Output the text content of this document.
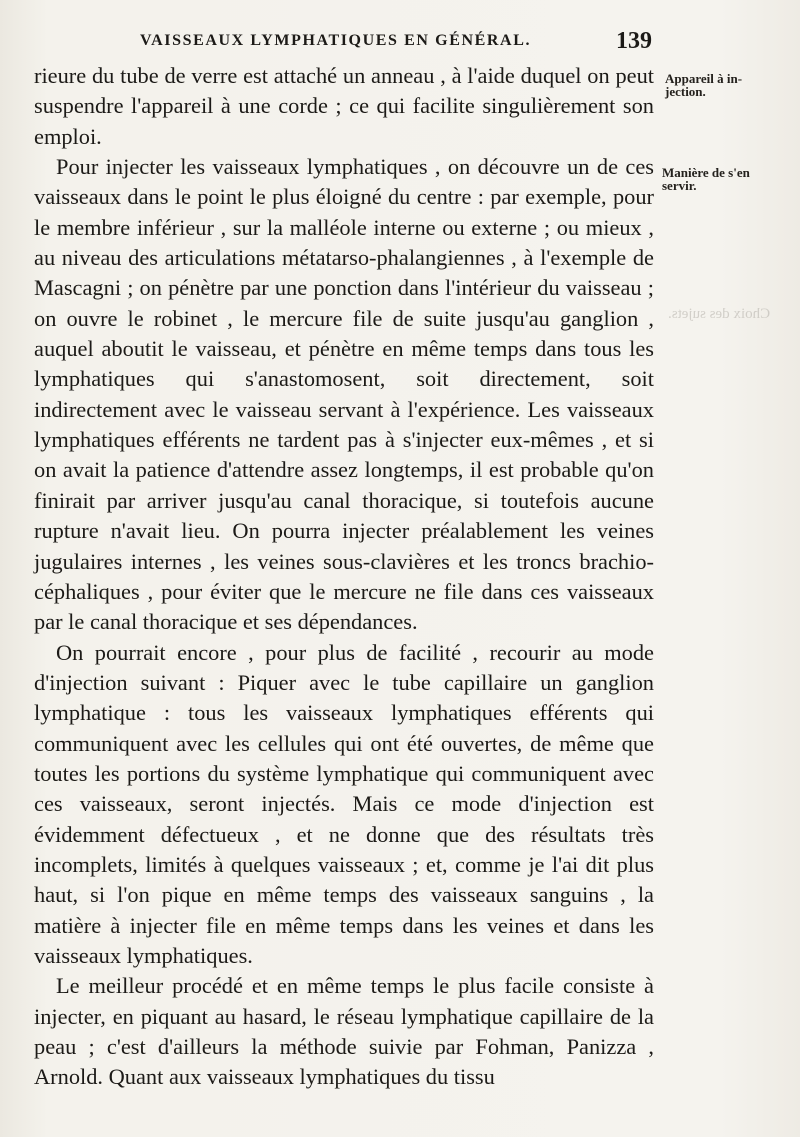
VAISSEAUX LYMPHATIQUES EN GÉNÉRAL.	139

rieure du tube de verre est attaché un anneau , à l'aide duquel on peut suspendre l'appareil à une corde ; ce qui facilite singulièrement son emploi.

Pour injecter les vaisseaux lymphatiques , on découvre un de ces vaisseaux dans le point le plus éloigné du centre : par exemple, pour le membre inférieur , sur la malléole interne ou externe ; ou mieux , au niveau des articulations métatarso-phalangiennes , à l'exemple de Mascagni ; on pénètre par une ponction dans l'intérieur du vaisseau ; on ouvre le robinet , le mercure file de suite jusqu'au ganglion , auquel aboutit le vaisseau, et pénètre en même temps dans tous les lymphatiques qui s'anastomosent, soit directement, soit indirectement avec le vaisseau servant à l'expérience. Les vaisseaux lymphatiques efférents ne tardent pas à s'injecter eux-mêmes , et si on avait la patience d'attendre assez longtemps, il est probable qu'on finirait par arriver jusqu'au canal thoracique, si toutefois aucune rupture n'avait lieu. On pourra injecter préalablement les veines jugulaires internes , les veines sous-clavières et les troncs brachio-céphaliques , pour éviter que le mercure ne file dans ces vaisseaux par le canal thoracique et ses dépendances.

On pourrait encore , pour plus de facilité , recourir au mode d'injection suivant : Piquer avec le tube capillaire un ganglion lymphatique : tous les vaisseaux lymphatiques efférents qui communiquent avec les cellules qui ont été ouvertes, de même que toutes les portions du système lymphatique qui communiquent avec ces vaisseaux, seront injectés. Mais ce mode d'injection est évidemment défectueux , et ne donne que des résultats très incomplets, limités à quelques vaisseaux ; et, comme je l'ai dit plus haut, si l'on pique en même temps des vaisseaux sanguins , la matière à injecter file en même temps dans les veines et dans les vaisseaux lymphatiques.

Le meilleur procédé et en même temps le plus facile consiste à injecter, en piquant au hasard, le réseau lymphatique capillaire de la peau ; c'est d'ailleurs la méthode suivie par Fohman, Panizza , Arnold. Quant aux vaisseaux lymphatiques du tissu

Appareil à in-
jection.
Manière de s'en
servir.
Choix des sujets.
